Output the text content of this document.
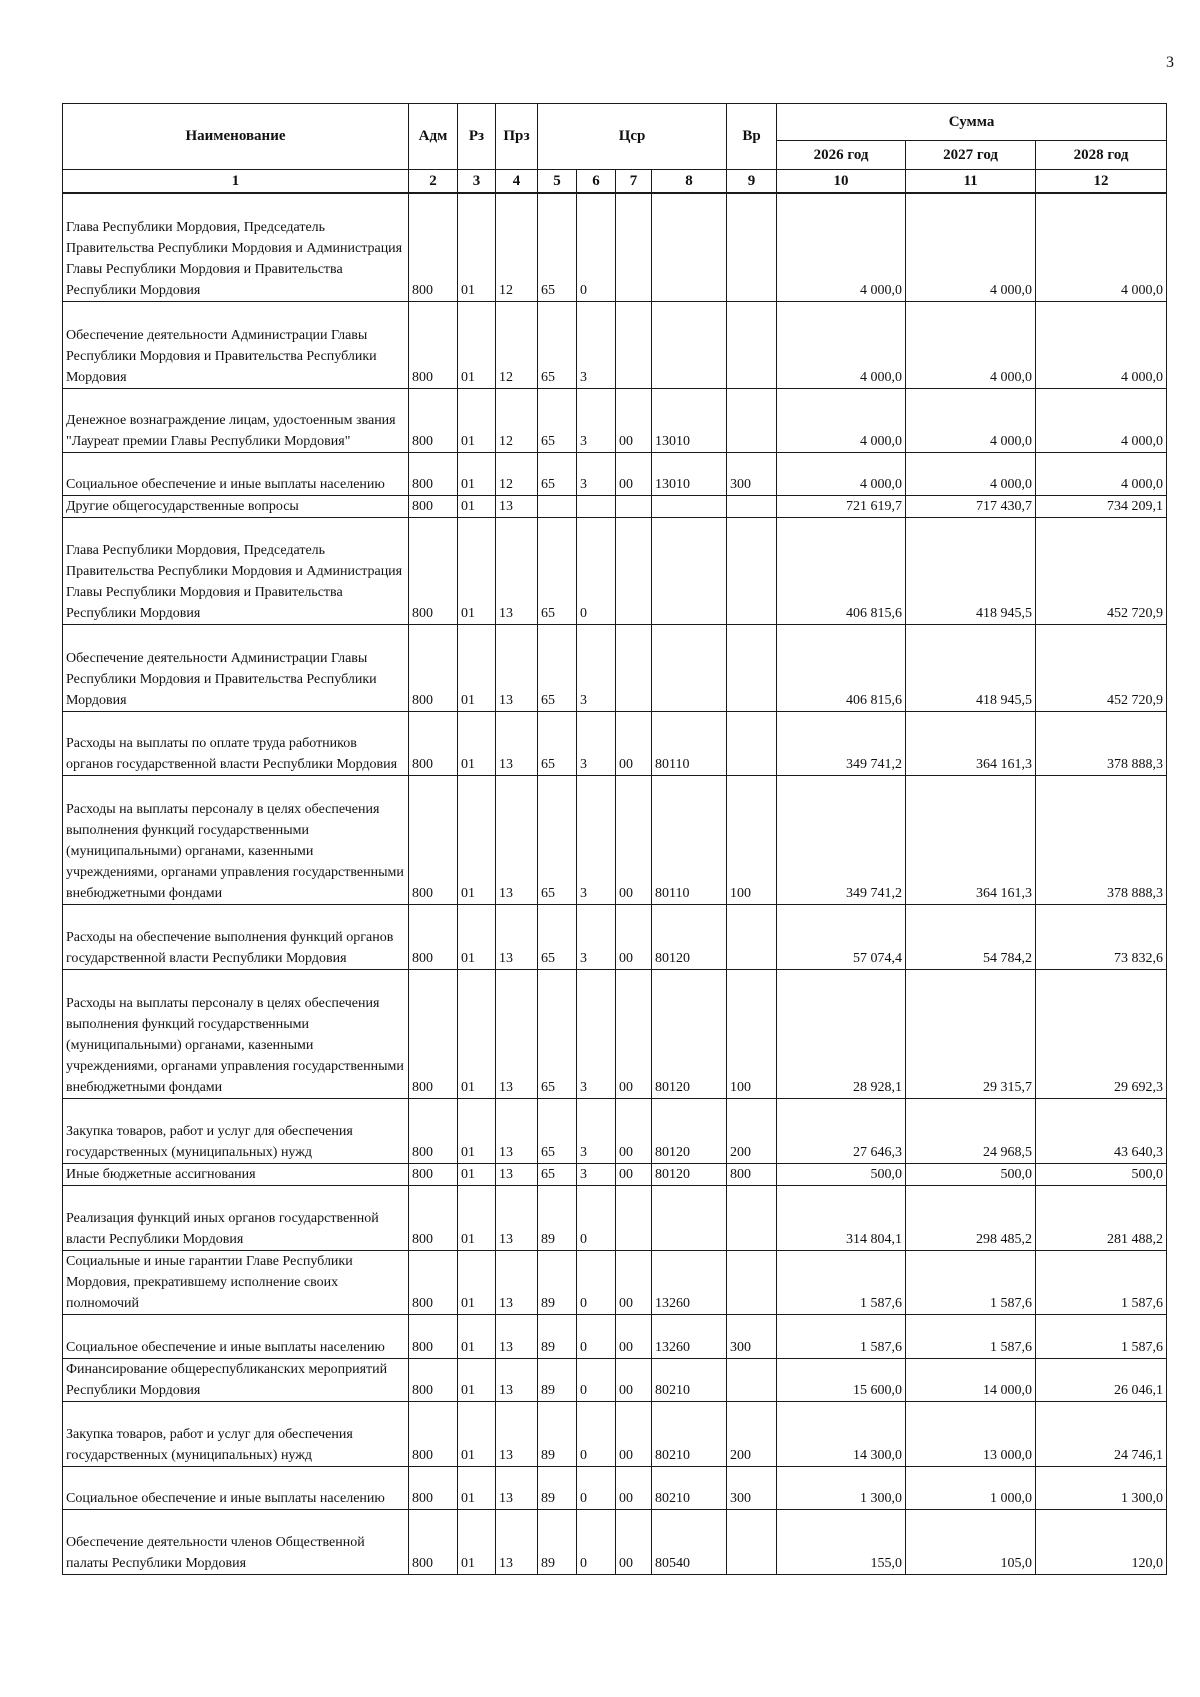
3
Наименование	Адм	Рз	Прз	Цср				Вр	Сумма		
									2026 год	2027 год	2028 год
1	2	3	4	5	6	7	8	9	10	11	12
Глава Республики Мордовия, Председатель Правительства Республики Мордовия и Администрация Главы Республики Мордовия и Правительства Республики Мордовия	800	01	12	65	0				4 000,0	4 000,0	4 000,0
Обеспечение деятельности Администрации Главы Республики Мордовия и Правительства Республики Мордовия	800	01	12	65	3				4 000,0	4 000,0	4 000,0
Денежное вознаграждение лицам, удостоенным звания "Лауреат премии Главы Республики Мордовия"	800	01	12	65	3	00	13010		4 000,0	4 000,0	4 000,0
Социальное обеспечение и иные выплаты населению	800	01	12	65	3	00	13010	300	4 000,0	4 000,0	4 000,0
Другие общегосударственные вопросы	800	01	13						721 619,7	717 430,7	734 209,1
Глава Республики Мордовия, Председатель Правительства Республики Мордовия и Администрация Главы Республики Мордовия и Правительства Республики Мордовия	800	01	13	65	0				406 815,6	418 945,5	452 720,9
Обеспечение деятельности Администрации Главы Республики Мордовия и Правительства Республики Мордовия	800	01	13	65	3				406 815,6	418 945,5	452 720,9
Расходы на выплаты по оплате труда работников органов государственной власти Республики Мордовия	800	01	13	65	3	00	80110		349 741,2	364 161,3	378 888,3
Расходы на выплаты персоналу в целях обеспечения выполнения функций государственными (муниципальными) органами, казенными учреждениями, органами управления государственными внебюджетными фондами	800	01	13	65	3	00	80110	100	349 741,2	364 161,3	378 888,3
Расходы на обеспечение выполнения функций органов государственной власти Республики Мордовия	800	01	13	65	3	00	80120		57 074,4	54 784,2	73 832,6
Расходы на выплаты персоналу в целях обеспечения выполнения функций государственными (муниципальными) органами, казенными учреждениями, органами управления государственными внебюджетными фондами	800	01	13	65	3	00	80120	100	28 928,1	29 315,7	29 692,3
Закупка товаров, работ и услуг для обеспечения государственных (муниципальных) нужд	800	01	13	65	3	00	80120	200	27 646,3	24 968,5	43 640,3
Иные бюджетные ассигнования	800	01	13	65	3	00	80120	800	500,0	500,0	500,0
Реализация функций иных органов государственной власти Республики Мордовия	800	01	13	89	0				314 804,1	298 485,2	281 488,2
Социальные и иные гарантии Главе Республики Мордовия, прекратившему исполнение своих полномочий	800	01	13	89	0	00	13260		1 587,6	1 587,6	1 587,6
Социальное обеспечение и иные выплаты населению	800	01	13	89	0	00	13260	300	1 587,6	1 587,6	1 587,6
Финансирование общереспубликанских мероприятий Республики Мордовия	800	01	13	89	0	00	80210		15 600,0	14 000,0	26 046,1
Закупка товаров, работ и услуг для обеспечения государственных (муниципальных) нужд	800	01	13	89	0	00	80210	200	14 300,0	13 000,0	24 746,1
Социальное обеспечение и иные выплаты населению	800	01	13	89	0	00	80210	300	1 300,0	1 000,0	1 300,0
Обеспечение деятельности членов Общественной палаты Республики Мордовия	800	01	13	89	0	00	80540		155,0	105,0	120,0
